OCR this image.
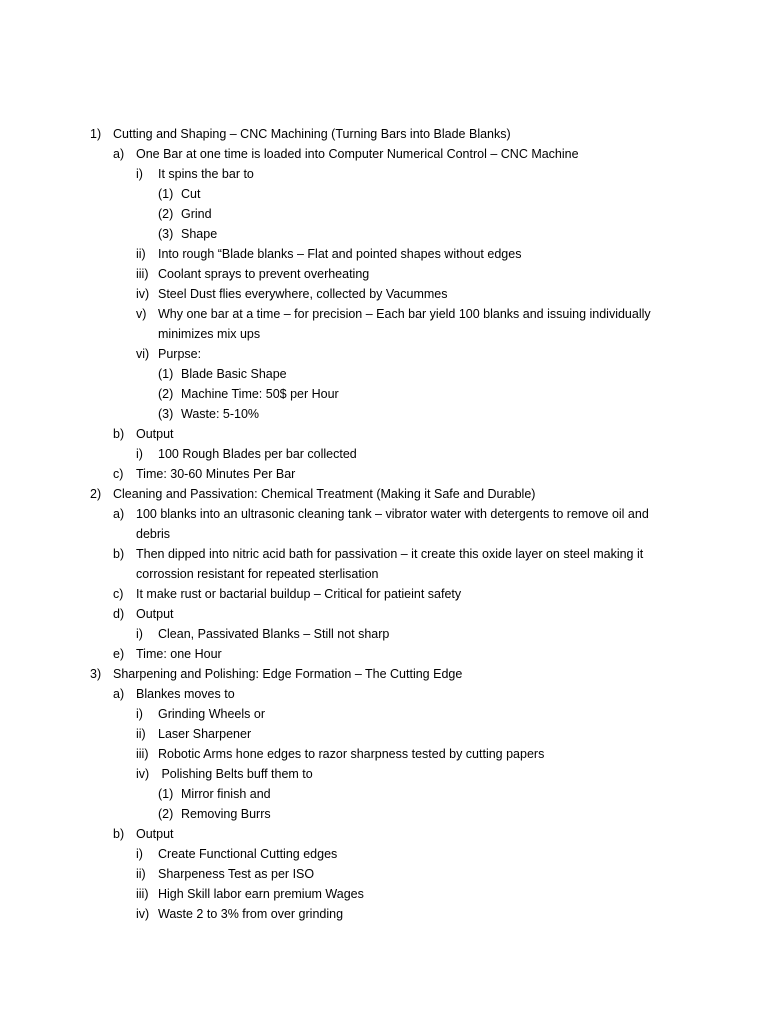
1) Cutting and Shaping – CNC Machining (Turning Bars into Blade Blanks)
a) One Bar at one time is loaded into Computer Numerical Control – CNC Machine
i) It spins the bar to
(1) Cut
(2) Grind
(3) Shape
ii) Into rough “Blade blanks – Flat and pointed shapes without edges
iii) Coolant sprays to prevent overheating
iv) Steel Dust flies everywhere, collected by Vacummes
v) Why one bar at a time – for precision – Each bar yield 100 blanks and issuing individually
minimizes mix ups
vi) Purpse:
(1) Blade Basic Shape
(2) Machine Time: 50$ per Hour
(3) Waste: 5-10%
b) Output
i) 100 Rough Blades per bar collected
c) Time: 30-60 Minutes Per Bar
2) Cleaning and Passivation: Chemical Treatment (Making it Safe and Durable)
a) 100 blanks into an ultrasonic cleaning tank – vibrator water with detergents to remove oil and
debris
b) Then dipped into nitric acid bath for passivation – it create this oxide layer on steel making it
corrossion resistant for repeated sterlisation
c) It make rust or bactarial buildup – Critical for patieint safety
d) Output
i) Clean, Passivated Blanks – Still not sharp
e) Time: one Hour
3) Sharpening and Polishing: Edge Formation – The Cutting Edge
a) Blankes moves to
i) Grinding Wheels or
ii) Laser Sharpener
iii) Robotic Arms hone edges to razor sharpness tested by cutting papers
iv) Polishing Belts buff them to
(1) Mirror finish and
(2) Removing Burrs
b) Output
i) Create Functional Cutting edges
ii) Sharpeness Test as per ISO
iii) High Skill labor earn premium Wages
iv) Waste 2 to 3% from over grinding
